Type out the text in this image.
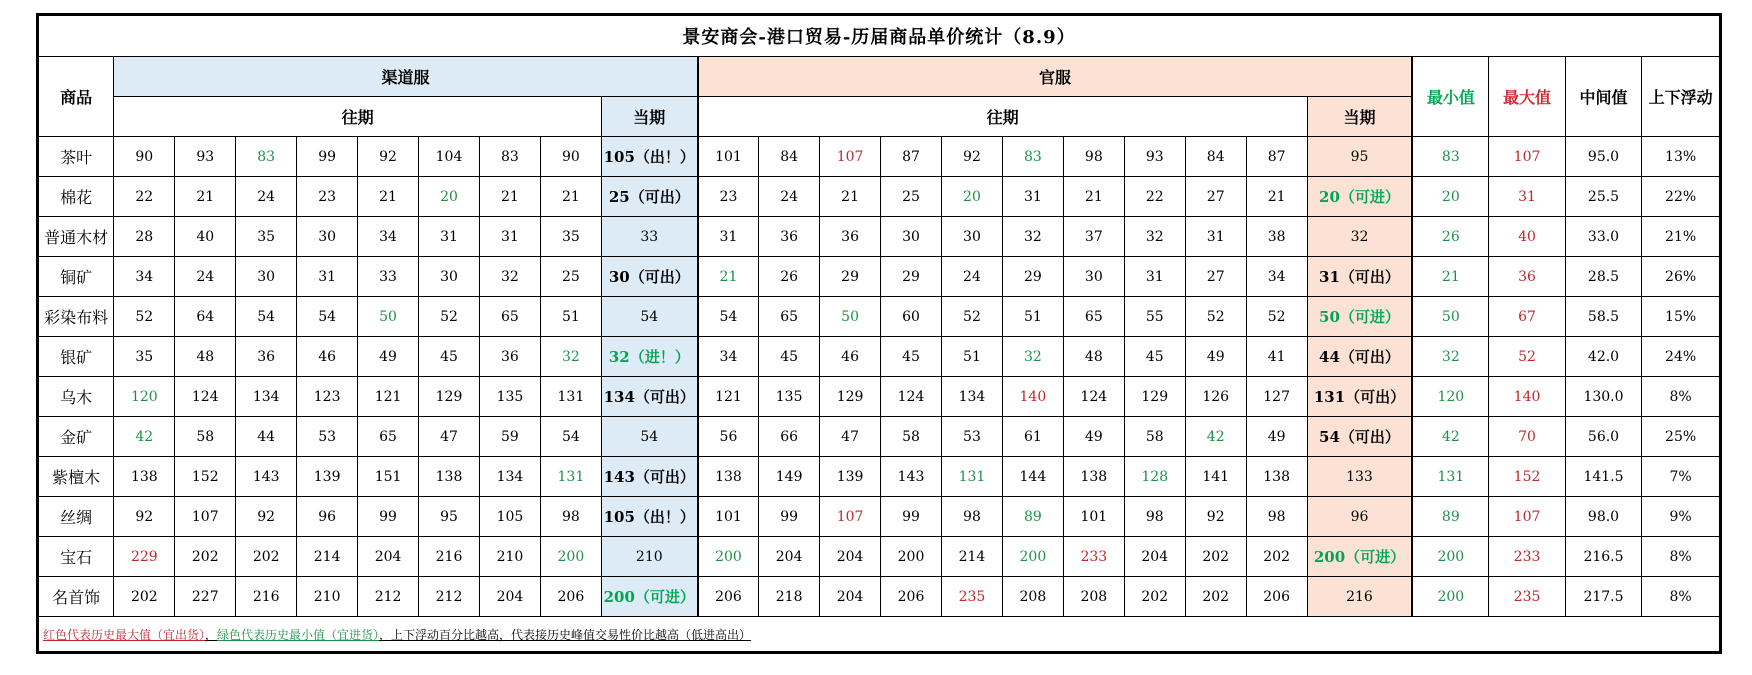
景安商会-港口贸易-历届商品单价统计（8.9）																								
商品	渠道服									官服											最小值	最大值	中间值	上下浮动
	往期								当期	往期										当期				
茶叶	90	93	83	99	92	104	83	90	105（出！）	101	84	107	87	92	83	98	93	84	87	95	83	107	95.0	13%
棉花	22	21	24	23	21	20	21	21	25（可出）	23	24	21	25	20	31	21	22	27	21	20（可进）	20	31	25.5	22%
普通木材	28	40	35	30	34	31	31	35	33	31	36	36	30	30	32	37	32	31	38	32	26	40	33.0	21%
铜矿	34	24	30	31	33	30	32	25	30（可出）	21	26	29	29	24	29	30	31	27	34	31（可出）	21	36	28.5	26%
彩染布料	52	64	54	54	50	52	65	51	54	54	65	50	60	52	51	65	55	52	52	50（可进）	50	67	58.5	15%
银矿	35	48	36	46	49	45	36	32	32（进！）	34	45	46	45	51	32	48	45	49	41	44（可出）	32	52	42.0	24%
乌木	120	124	134	123	121	129	135	131	134（可出）	121	135	129	124	134	140	124	129	126	127	131（可出）	120	140	130.0	8%
金矿	42	58	44	53	65	47	59	54	54	56	66	47	58	53	61	49	58	42	49	54（可出）	42	70	56.0	25%
紫檀木	138	152	143	139	151	138	134	131	143（可出）	138	149	139	143	131	144	138	128	141	138	133	131	152	141.5	7%
丝绸	92	107	92	96	99	95	105	98	105（出！）	101	99	107	99	98	89	101	98	92	98	96	89	107	98.0	9%
宝石	229	202	202	214	204	216	210	200	210	200	204	204	200	214	200	233	204	202	202	200（可进）	200	233	216.5	8%
名首饰	202	227	216	210	212	212	204	206	200（可进）	206	218	204	206	235	208	208	202	202	206	216	200	235	217.5	8%
红色代表历史最大值（宜出货），绿色代表历史最小值（宜进货），上下浮动百分比越高，代表接历史峰值交易性价比越高（低进高出）																								
